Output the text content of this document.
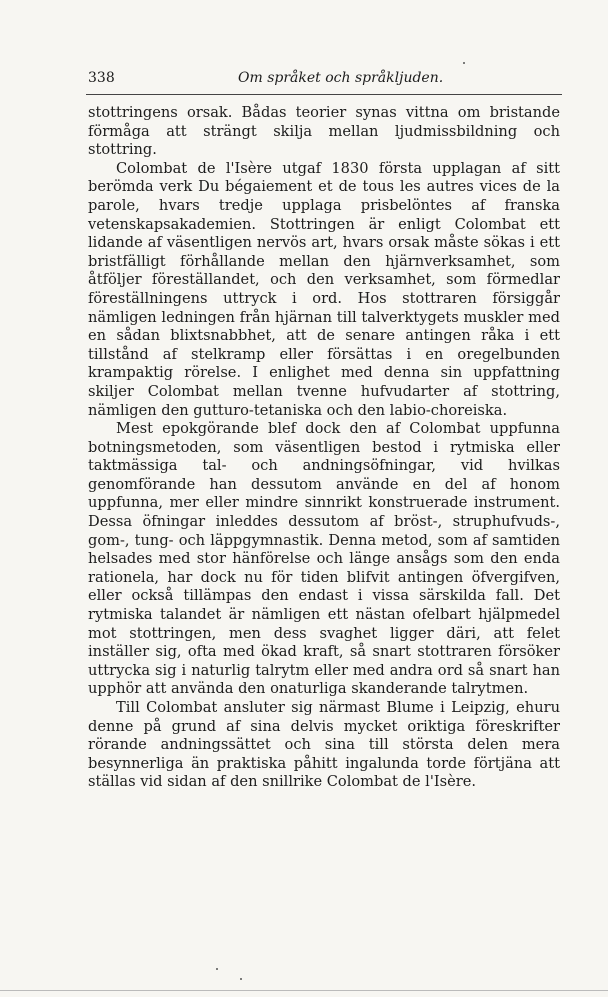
338	Om språket och språkljuden.

stottringens orsak. Bådas teorier synas vittna om bristande förmåga att strängt skilja mellan ljudmissbildning och stottring.

Colombat de l'Isère utgaf 1830 första upplagan af sitt berömda verk Du bégaiement et de tous les autres vices de la parole, hvars tredje upplaga prisbelöntes af franska vetenskapsakademien. Stottringen är enligt Colombat ett lidande af väsentligen nervös art, hvars orsak måste sökas i ett bristfälligt förhållande mellan den hjärnverksamhet, som åtföljer föreställandet, och den verksamhet, som förmedlar föreställningens uttryck i ord. Hos stottraren försiggår nämligen ledningen från hjärnan till talverktygets muskler med en sådan blixtsnabbhet, att de senare antingen råka i ett tillstånd af stelkramp eller försättas i en oregelbunden krampaktig rörelse. I enlighet med denna sin uppfattning skiljer Colombat mellan tvenne hufvudarter af stottring, nämligen den gutturo-tetaniska och den labio-choreiska.

Mest epokgörande blef dock den af Colombat uppfunna botningsmetoden, som väsentligen bestod i rytmiska eller taktmässiga tal- och andningsöfningar, vid hvilkas genomförande han dessutom använde en del af honom uppfunna, mer eller mindre sinnrikt konstruerade instrument. Dessa öfningar inleddes dessutom af bröst-, struphufvuds-, gom-, tung- och läppgymnastik. Denna metod, som af samtiden helsades med stor hänförelse och länge ansågs som den enda rationela, har dock nu för tiden blifvit antingen öfvergifven, eller också tillämpas den endast i vissa särskilda fall. Det rytmiska talandet är nämligen ett nästan ofelbart hjälpmedel mot stottringen, men dess svaghet ligger däri, att felet inställer sig, ofta med ökad kraft, så snart stottraren försöker uttrycka sig i naturlig talrytm eller med andra ord så snart han upphör att använda den onaturliga skanderande talrytmen.

Till Colombat ansluter sig närmast Blume i Leipzig, ehuru denne på grund af sina delvis mycket oriktiga föreskrifter rörande andningssättet och sina till största delen mera besynnerliga än praktiska påhitt ingalunda torde förtjäna att ställas vid sidan af den snillrike Colombat de l'Isère.
